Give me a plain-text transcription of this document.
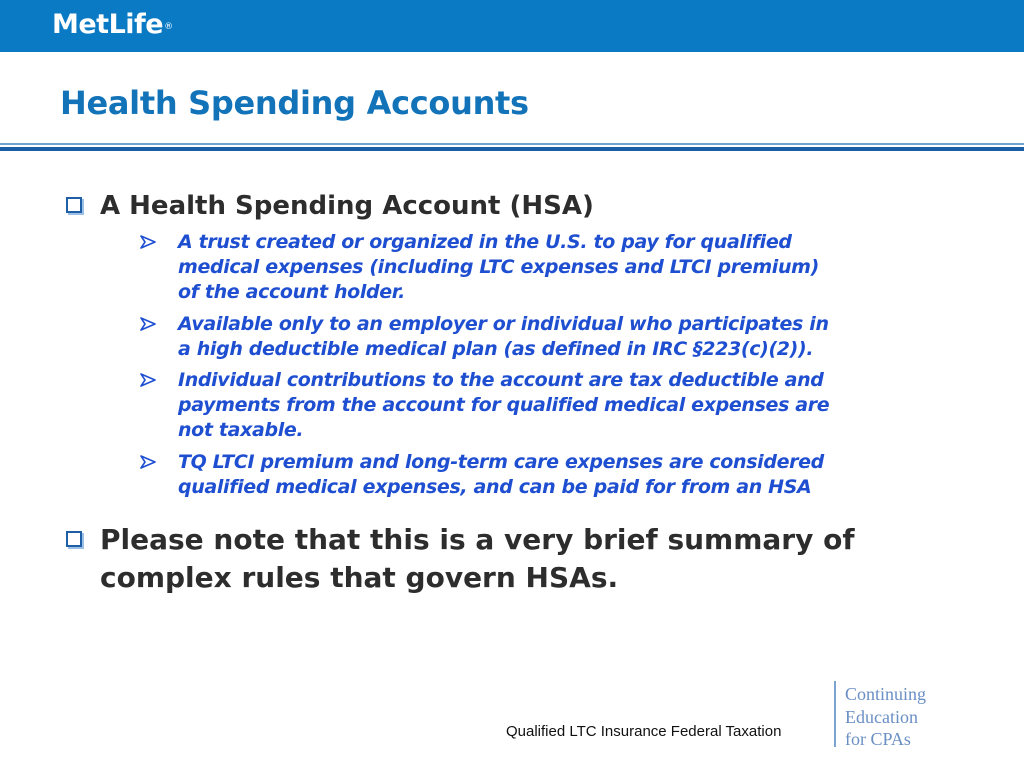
MetLife®
Health Spending Accounts
A Health Spending Account (HSA)
A trust created or organized in the U.S. to pay for qualified
medical expenses (including LTC expenses and LTCI premium)
of the account holder.
Available only to an employer or individual who participates in
a high deductible medical plan (as defined in IRC §223(c)(2)).
Individual contributions to the account are tax deductible and
payments from the account for qualified medical expenses are
not taxable.
TQ LTCI premium and long-term care expenses are considered
qualified medical expenses, and can be paid for from an HSA
Please note that this is a very brief summary of
complex rules that govern HSAs.
Qualified LTC Insurance Federal Taxation
Continuing
Education
for CPAs
